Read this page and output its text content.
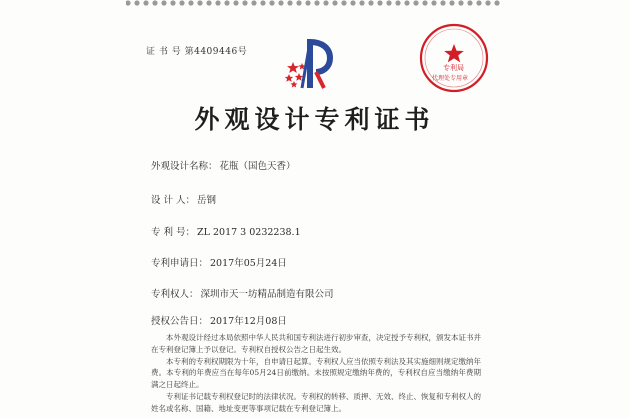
证 书 号 第4409446号
专利局
代理处专用章
外观设计专利证书
外观设计名称： 花瓶（国色天香）
设 计 人： 岳钢
专 利 号： ZL 2017 3 0232238.1
专利申请日： 2017年05月24日
专利权人： 深圳市天一坊精品制造有限公司
授权公告日： 2017年12月08日

本外观设计经过本局依照中华人民共和国专利法进行初步审查，决定授予专利权，颁发本证书并在专利登记簿上予以登记。专利权自授权公告之日起生效。

本专利的专利权期限为十年，自申请日起算。专利权人应当依照专利法及其实施细则规定缴纳年费。本专利的年费应当在每年05月24日前缴纳。未按照规定缴纳年费的，专利权自应当缴纳年费期满之日起终止。

专利证书记载专利权登记时的法律状况。专利权的转移、质押、无效、终止、恢复和专利权人的姓名或名称、国籍、地址变更等事项记载在专利登记簿上。
